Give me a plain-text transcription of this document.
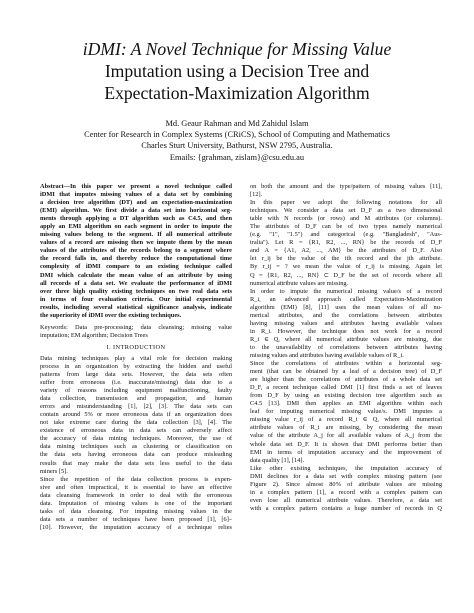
iDMI: A Novel Technique for Missing Value
Imputation using a Decision Tree and
Expectation-Maximization Algorithm
Md. Geaur Rahman and Md Zahidul Islam
Center for Research in Complex Systems (CRiCS), School of Computing and Mathematics
Charles Sturt University, Bathurst, NSW 2795, Australia.
Emails: {grahman, zislam}@csu.edu.au
Abstract—In this paper we present a novel technique called
iDMI that imputes missing values of a data set by combining
a decision tree algorithm (DT) and an expectation-maximization
(EMI) algorithm. We first divide a data set into horizontal seg-
ments through applying a DT algorithm such as C4.5, and then
apply an EMI algorithm on each segment in order to impute the
missing values belong to the segment. If all numerical attribute
values of a record are missing then we impute them by the mean
values of the attributes of the records belong to a segment where
the record falls in, and thereby reduce the computational time
complexity of iDMI compare to an existing technique called
DMI which calculate the mean value of an attribute by using
all records of a data set. We evaluate the performance of iDMI
over three high quality existing techniques on two real data sets
in terms of four evaluation criteria. Our initial experimental
results, including several statistical significance analysis, indicate
the superiority of iDMI over the existing techniques.
Keywords: Data pre-processing; data cleansing; missing value
imputation; EM algorithm; Decision Trees
I. INTRODUCTION
Data mining techniques play a vital role for decision making
process in an organization by extracting the hidden and useful
patterns from large data sets. However, the data sets often
suffer from erroneous (i.e. inaccurate/missing) data due to a
variety of reasons including equipment malfunctioning, faulty
data collection, transmission and propagation, and human
errors and misunderstanding [1], [2], [3]. The data sets can
contain around 5% or more erroneous data if an organization does
not take extreme care during the data collection [3], [4]. The
existence of erroneous data in data sets can adversely affect
the accuracy of data mining techniques. Moreover, the use of
data mining techniques such as clustering or classification on
the data sets having erroneous data can produce misleading
results that may make the data sets less useful to the data
miners [5].
Since the repetition of the data collection process is expen-
sive and often impractical, it is essential to have an effective
data cleansing framework in order to deal with the erroneous
data. Imputation of missing values is one of the important
tasks of data cleansing. For imputing missing values in the
data sets a number of techniques have been proposed [1], [6]–
[10]. However, the imputation accuracy of a technique relies
on both the amount and the type/pattern of missing values [11],
[12].
In this paper we adopt the following notations for all
techniques. We consider a data set D_F as a two dimensional
table with N records (or rows) and M attributes (or columns).
The attributes of D_F can be of two types namely numerical
(e.g. "1", "1.5") and categorical (e.g. "Bangladesh", "Aus-
tralia"). Let R = {R1, R2, ..., RN} be the records of D_F
and A = {A1, A2, ..., AM} be the attributes of D_F. Also
let r_ij be the value of the ith record and the jth attribute.
By r_ij = ? we mean the value of r_ij is missing. Again let
Q = {R1, R2, ..., RN} ⊂ D_F be the set of records where all
numerical attribute values are missing.
In order to impute the numerical missing value/s of a record
R_i, an advanced approach called Expectation-Maximization
algorithm (EMI) [8], [11] uses the mean values of all nu-
merical attributes, and the correlations between attributes
having missing values and attributes having available values
in R_i. However, the technique does not work for a record
R_i ∈ Q, where all numerical attribute values are missing, due
to the unavailability of correlations between attributes having
missing values and attributes having available values of R_i.
Since the correlations of attributes within a horizontal seg-
ment (that can be obtained by a leaf of a decision tree) of D_F
are higher than the correlations of attributes of a whole data set
D_F, a recent technique called DMI [1] first finds a set of leaves
from D_F by using an existing decision tree algorithm such as
C4.5 [13]. DMI then applies an EMI algorithm within each
leaf for imputing numerical missing value/s. DMI imputes a
missing value r_ij of a record R_i ∈ Q, where all numerical
attribute values of R_i are missing, by considering the mean
value of the attribute A_j for all available values of A_j from the
whole data set D_F. It is shown that DMI performs better than
EMI in terms of imputation accuracy and the improvement of
data quality [1], [14].
Like other existing techniques, the imputation accuracy of
DMI declines for a data set with complex missing pattern (see
Figure 2). Since almost 80% of attribute values are missing
in a complex pattern [1], a record with a complex pattern can
even lose all numerical attribute values. Therefore, a data set
with a complex pattern contains a huge number of records in Q
